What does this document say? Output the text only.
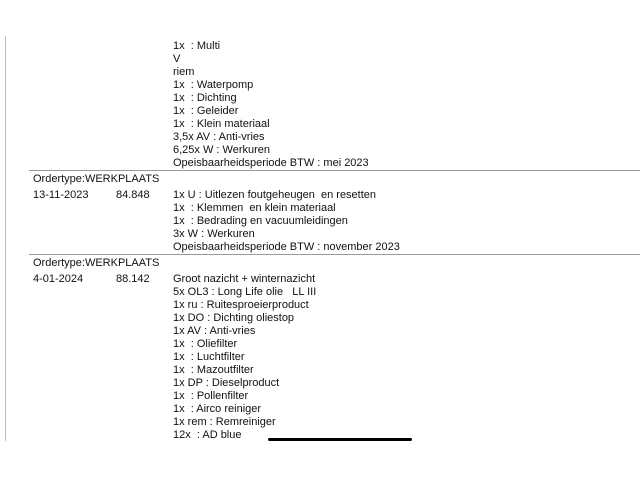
1x  : Multi
V
riem
1x  : Waterpomp
1x  : Dichting
1x  : Geleider
1x  : Klein materiaal
3,5x AV : Anti-vries
6,25x W : Werkuren
Opeisbaarheidsperiode BTW : mei 2023
Ordertype:WERKPLAATS
13-11-2023	84.848 1x U : Uitlezen foutgeheugen  en resetten
1x  : Klemmen  en klein materiaal
1x  : Bedrading en vacuumleidingen
3x W : Werkuren
Opeisbaarheidsperiode BTW : november 2023
Ordertype:WERKPLAATS
4-01-2024	88.142 Groot nazicht + winternazicht
5x OL3 : Long Life olie   LL III
1x ru : Ruitesproeierproduct
1x DO : Dichting oliestop
1x AV : Anti-vries
1x  : Oliefilter
1x  : Luchtfilter
1x  : Mazoutfilter
1x DP : Dieselproduct
1x  : Pollenfilter
1x  : Airco reiniger
1x rem : Remreiniger
12x  : AD blue
